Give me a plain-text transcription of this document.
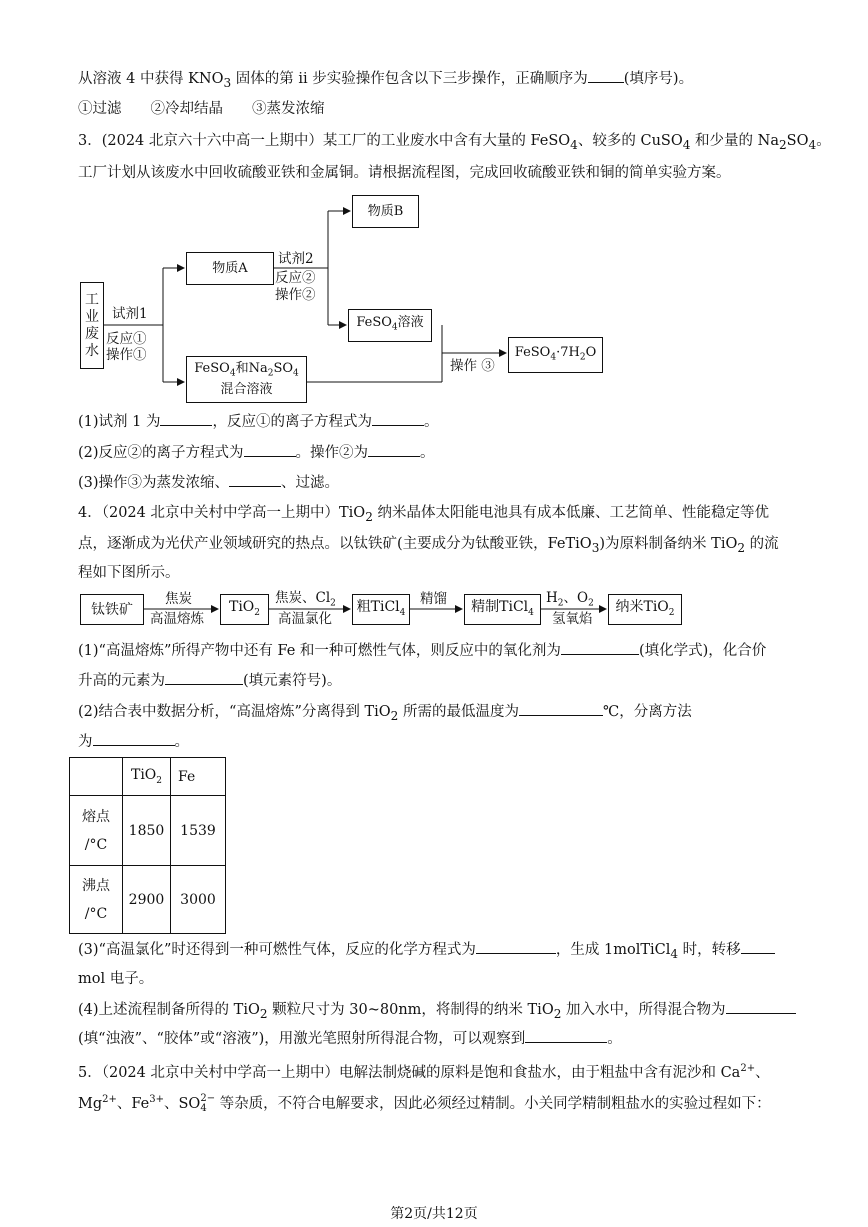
从溶液 4 中获得 $KNO_3$ 固体的第 ii 步实验操作包含以下三步操作，正确顺序为 (填序号)。
①过滤　　②冷却结晶　　③蒸发浓缩
3．(2024 北京六十六中高一上期中）某工厂的工业废水中含有大量的 FeSO$_4$、较多的 CuSO$_4$ 和少量的 $Na_2SO_4$。
工厂计划从该废水中回收硫酸亚铁和金属铜。请根据流程图，完成回收硫酸亚铁和铜的简单实验方案。
工业废水
试剂1
反应①
操作①
物质A
试剂2
反应②
操作②
物质B
FeSO$_4$溶液
FeSO$_4$和$Na_2SO_4$
混合溶液
操作 ③
$FeSO_4\cdot 7H_2O$
(1)试剂 1 为	，反应①的离子方程式为	。
(2)反应②的离子方程式为	。操作②为	。
(3)操作③为蒸发浓缩、	、过滤。
4．（2024 北京中关村中学高一上期中）TiO$_2$ 纳米晶体太阳能电池具有成本低廉、工艺简单、性能稳定等优
点，逐渐成为光伏产业领域研究的热点。以钛铁矿(主要成分为钛酸亚铁，FeTiO$_3$)为原料制备纳米 TiO$_2$ 的流
程如下图所示。
钛铁矿
焦炭
高温熔炼
TiO$_2$
焦炭、$Cl_2$
高温氯化
粗TiCl$_4$
精馏 精制TiCl$_4$
$H_2$、$O_2$
氢氧焰
纳米TiO$_2$
(1)“高温熔炼”所得产物中还有 Fe 和一种可燃性气体，则反应中的氧化剂为	(填化学式)，化合价
升高的元素为	(填元素符号)。
(2)结合表中数据分析，“高温熔炼”分离得到 TiO$_2$ 所需的最低温度为	℃，分离方法
为	。
	TiO$_2$	Fe
熔点
/°C	1850	1539
沸点
/°C	2900	3000
(3)“高温氯化”时还得到一种可燃性气体，反应的化学方程式为	，生成 1molTiCl$_4$ 时，转移
mol 电子。
(4)上述流程制备所得的 TiO$_2$ 颗粒尺寸为 30~80nm，将制得的纳米 TiO$_2$ 加入水中，所得混合物为
(填“浊液”、“胶体”或“溶液”)，用激光笔照射所得混合物，可以观察到	。
5．（2024 北京中关村中学高一上期中）电解法制烧碱的原料是饱和食盐水，由于粗盐中含有泥沙和 $Ca^{2+}$、
$Mg^{2+}$、$Fe^{3+}$、SO2−
4 等杂质，不符合电解要求，因此必须经过精制。小关同学精制粗盐水的实验过程如下：
第2页/共12页
